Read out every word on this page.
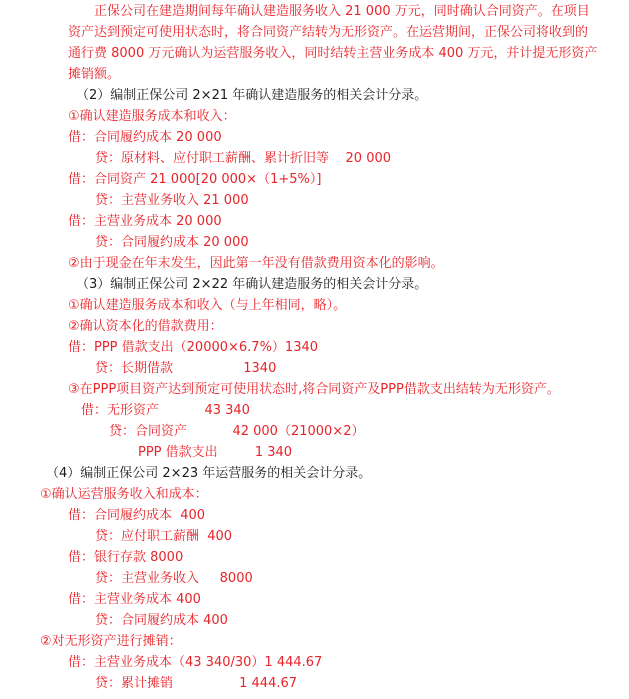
正保公司在建造期间每年确认建造服务收入 21 000 万元，同时确认合同资产。在项目
资产达到预定可使用状态时，将合同资产结转为无形资产。在运营期间，正保公司将收到的
通行费 8000 万元确认为运营服务收入，同时结转主营业务成本 400 万元，并计提无形资产
摊销额。
（2）编制正保公司 2×21 年确认建造服务的相关会计分录。
①确认建造服务成本和收入：
借：合同履约成本 20 000
贷：原材料、应付职工薪酬、累计折旧等    20 000
借：合同资产 21 000[20 000×（1+5%）]
贷：主营业务收入 21 000
借：主营业务成本 20 000
贷：合同履约成本 20 000
②由于现金在年末发生，因此第一年没有借款费用资本化的影响。
（3）编制正保公司 2×22 年确认建造服务的相关会计分录。
①确认建造服务成本和收入（与上年相同，略）。
②确认资本化的借款费用：
借：PPP 借款支出（20000×6.7%）1340
贷：长期借款                 1340
③在PPP项目资产达到预定可使用状态时,将合同资产及PPP借款支出结转为无形资产。
借：无形资产           43 340
贷：合同资产           42 000（21000×2）
PPP 借款支出         1 340
（4）编制正保公司 2×23 年运营服务的相关会计分录。
①确认运营服务收入和成本：
借：合同履约成本  400
贷：应付职工薪酬  400
借：银行存款 8000
贷：主营业务收入     8000
借：主营业务成本 400
贷：合同履约成本 400
②对无形资产进行摊销：
借：主营业务成本（43 340/30）1 444.67
贷：累计摊销                1 444.67
